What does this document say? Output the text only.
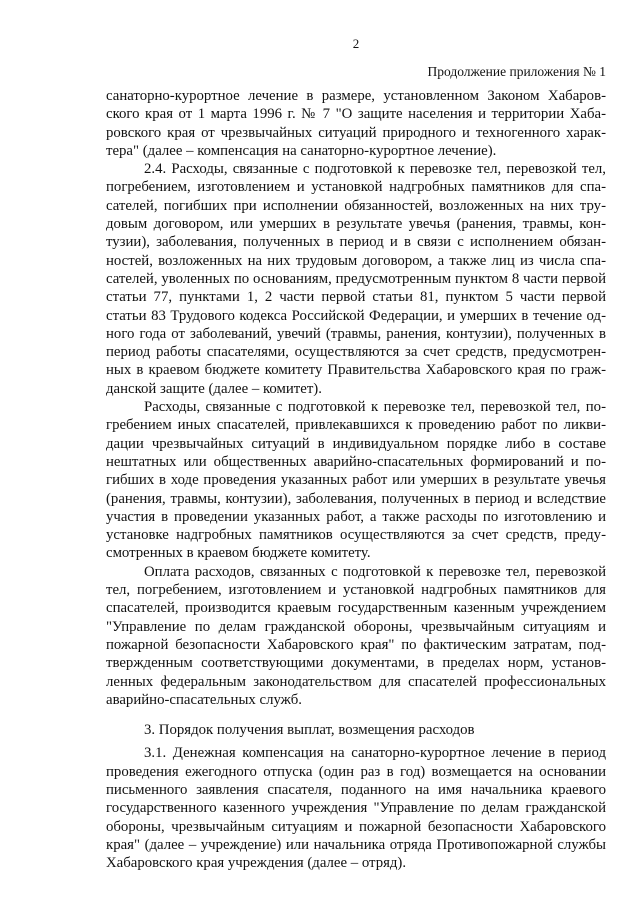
2
Продолжение приложения № 1

санаторно-курортное лечение в размере, установленном Законом Хабаровского края от 1 марта 1996 г. № 7 "О защите населения и территории Хабаровского края от чрезвычайных ситуаций природного и техногенного характера" (далее – компенсация на санаторно-курортное лечение).

2.4. Расходы, связанные с подготовкой к перевозке тел, перевозкой тел, погребением, изготовлением и установкой надгробных памятников для спасателей, погибших при исполнении обязанностей, возложенных на них трудовым договором, или умерших в результате увечья (ранения, травмы, контузии), заболевания, полученных в период и в связи с исполнением обязанностей, возложенных на них трудовым договором, а также лиц из числа спасателей, уволенных по основаниям, предусмотренным пунктом 8 части первой статьи 77, пунктами 1, 2 части первой статьи 81, пунктом 5 части первой статьи 83 Трудового кодекса Российской Федерации, и умерших в течение одного года от заболеваний, увечий (травмы, ранения, контузии), полученных в период работы спасателями, осуществляются за счет средств, предусмотренных в краевом бюджете комитету Правительства Хабаровского края по гражданской защите (далее – комитет).

Расходы, связанные с подготовкой к перевозке тел, перевозкой тел, погребением иных спасателей, привлекавшихся к проведению работ по ликвидации чрезвычайных ситуаций в индивидуальном порядке либо в составе нештатных или общественных аварийно-спасательных формирований и погибших в ходе проведения указанных работ или умерших в результате увечья (ранения, травмы, контузии), заболевания, полученных в период и вследствие участия в проведении указанных работ, а также расходы по изготовлению и установке надгробных памятников осуществляются за счет средств, предусмотренных в краевом бюджете комитету.

Оплата расходов, связанных с подготовкой к перевозке тел, перевозкой тел, погребением, изготовлением и установкой надгробных памятников для спасателей, производится краевым государственным казенным учреждением "Управление по делам гражданской обороны, чрезвычайным ситуациям и пожарной безопасности Хабаровского края" по фактическим затратам, подтвержденным соответствующими документами, в пределах норм, установленных федеральным законодательством для спасателей профессиональных аварийно-спасательных служб.

3. Порядок получения выплат, возмещения расходов

3.1. Денежная компенсация на санаторно-курортное лечение в период проведения ежегодного отпуска (один раз в год) возмещается на основании письменного заявления спасателя, поданного на имя начальника краевого государственного казенного учреждения "Управление по делам гражданской обороны, чрезвычайным ситуациям и пожарной безопасности Хабаровского края" (далее – учреждение) или начальника отряда Противопожарной службы Хабаровского края учреждения (далее – отряд).
